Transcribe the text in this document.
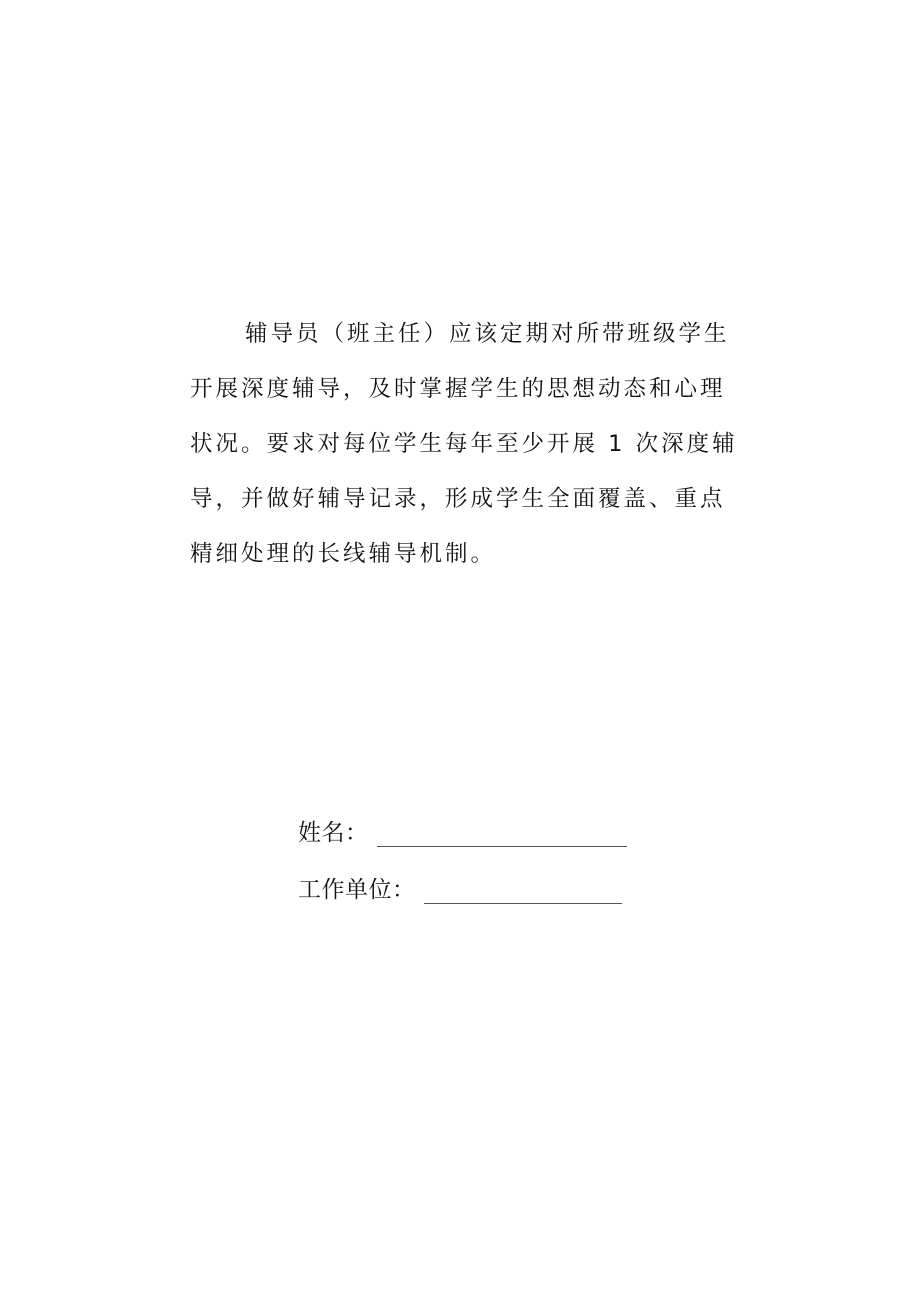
辅导员（班主任）应该定期对所带班级学生
开展深度辅导，及时掌握学生的思想动态和心理
状况。要求对每位学生每年至少开展 1 次深度辅
导，并做好辅导记录，形成学生全面覆盖、重点
精细处理的长线辅导机制。
姓名：
工作单位：
